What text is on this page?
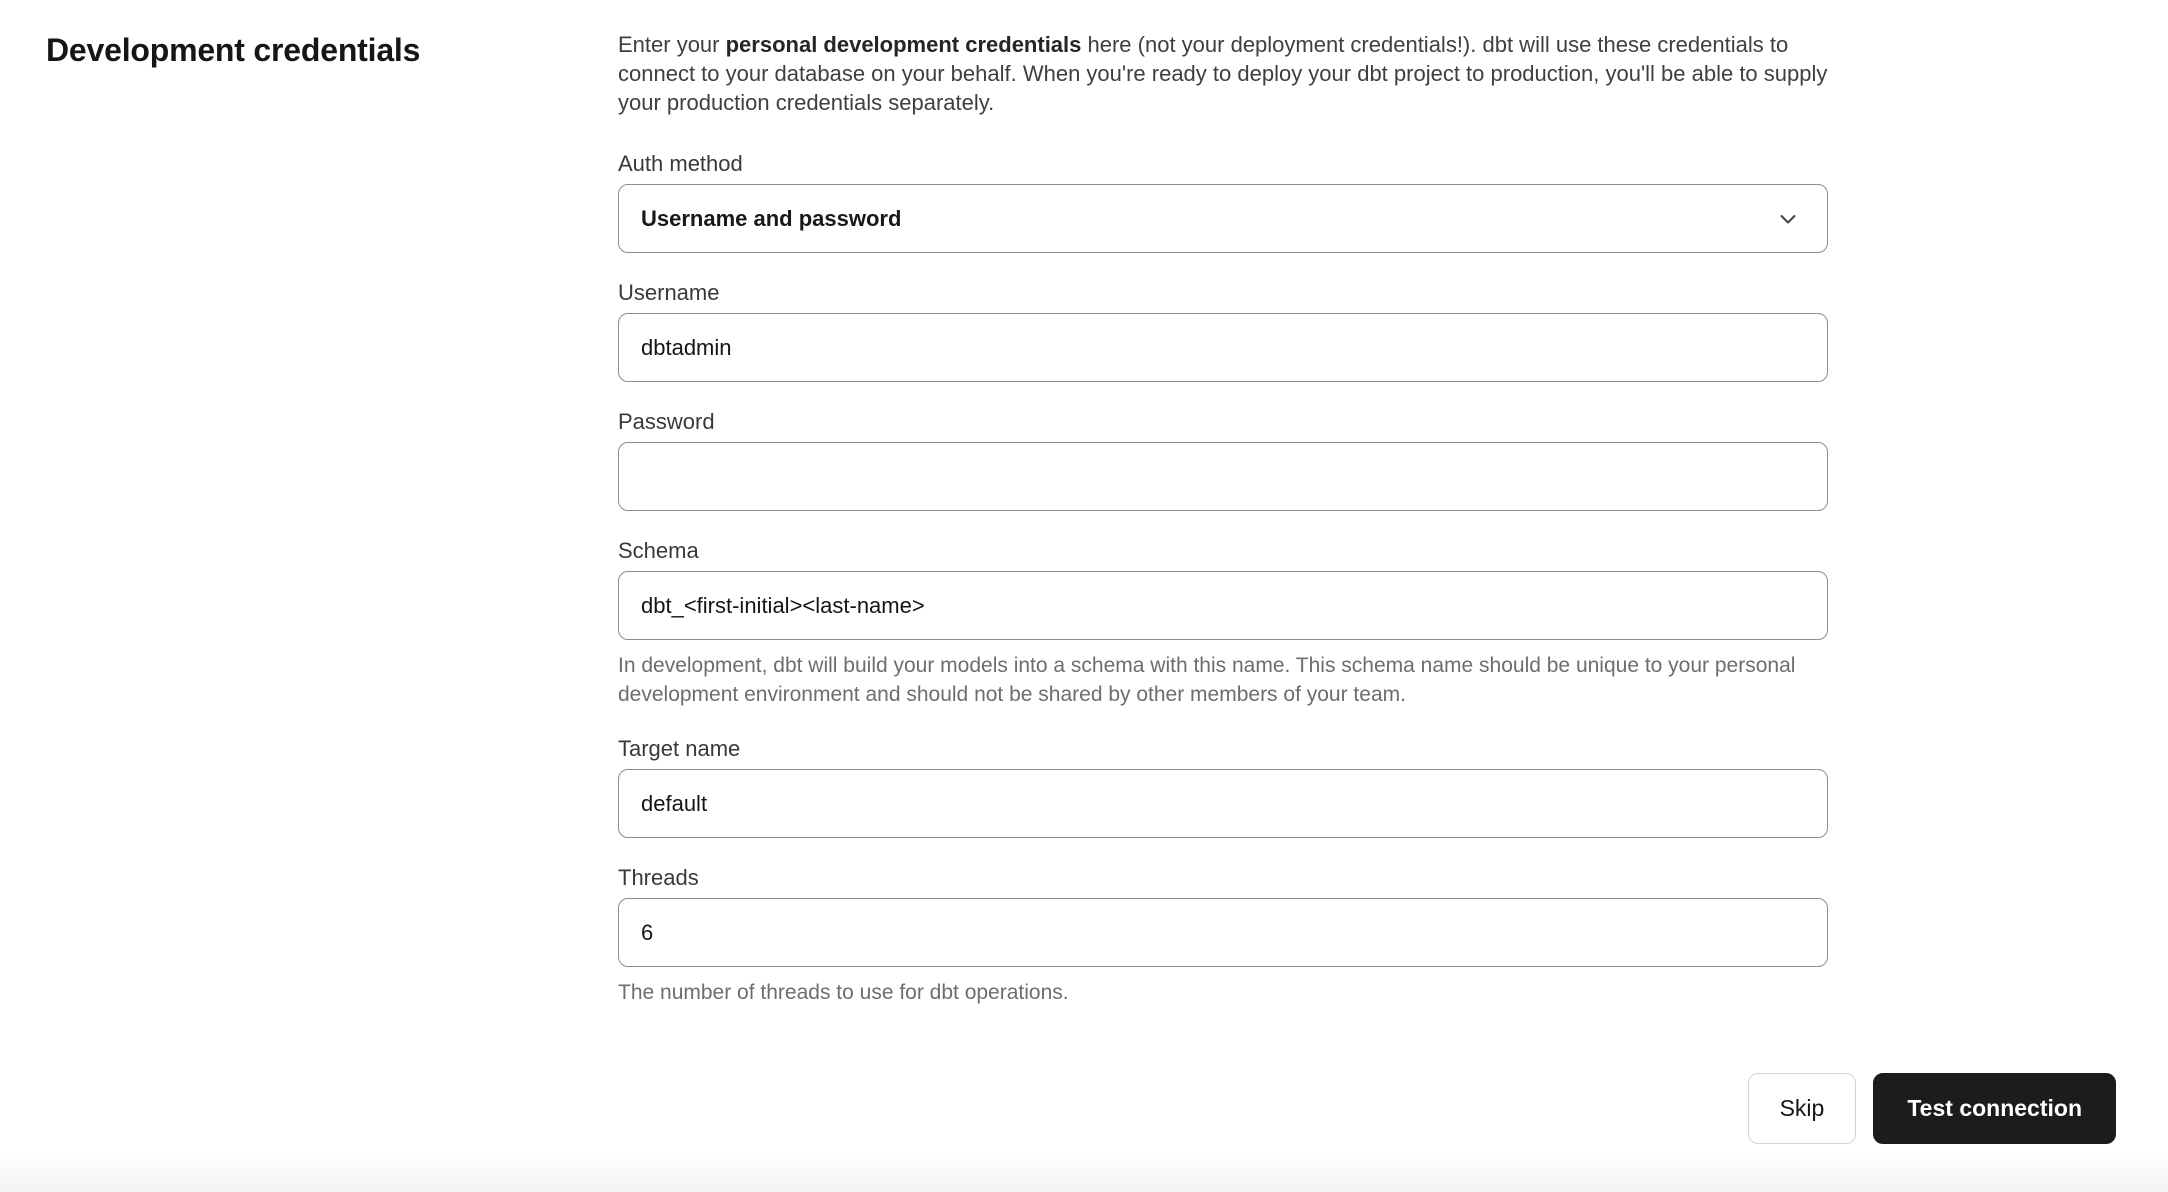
Development credentials	Enter your personal development credentials here (not your deployment credentials!). dbt will use these credentials to connect to your database on your behalf. When you're ready to deploy your dbt project to production, you'll be able to supply your production credentials separately.

Auth method
Username and password
Username
dbtadmin
Password
Schema
dbt_<first-initial><last-name>

In development, dbt will build your models into a schema with this name. This schema name should be unique to your personal development environment and should not be shared by other members of your team.

Target name
default
Threads
6

The number of threads to use for dbt operations.

Skip	Test connection
